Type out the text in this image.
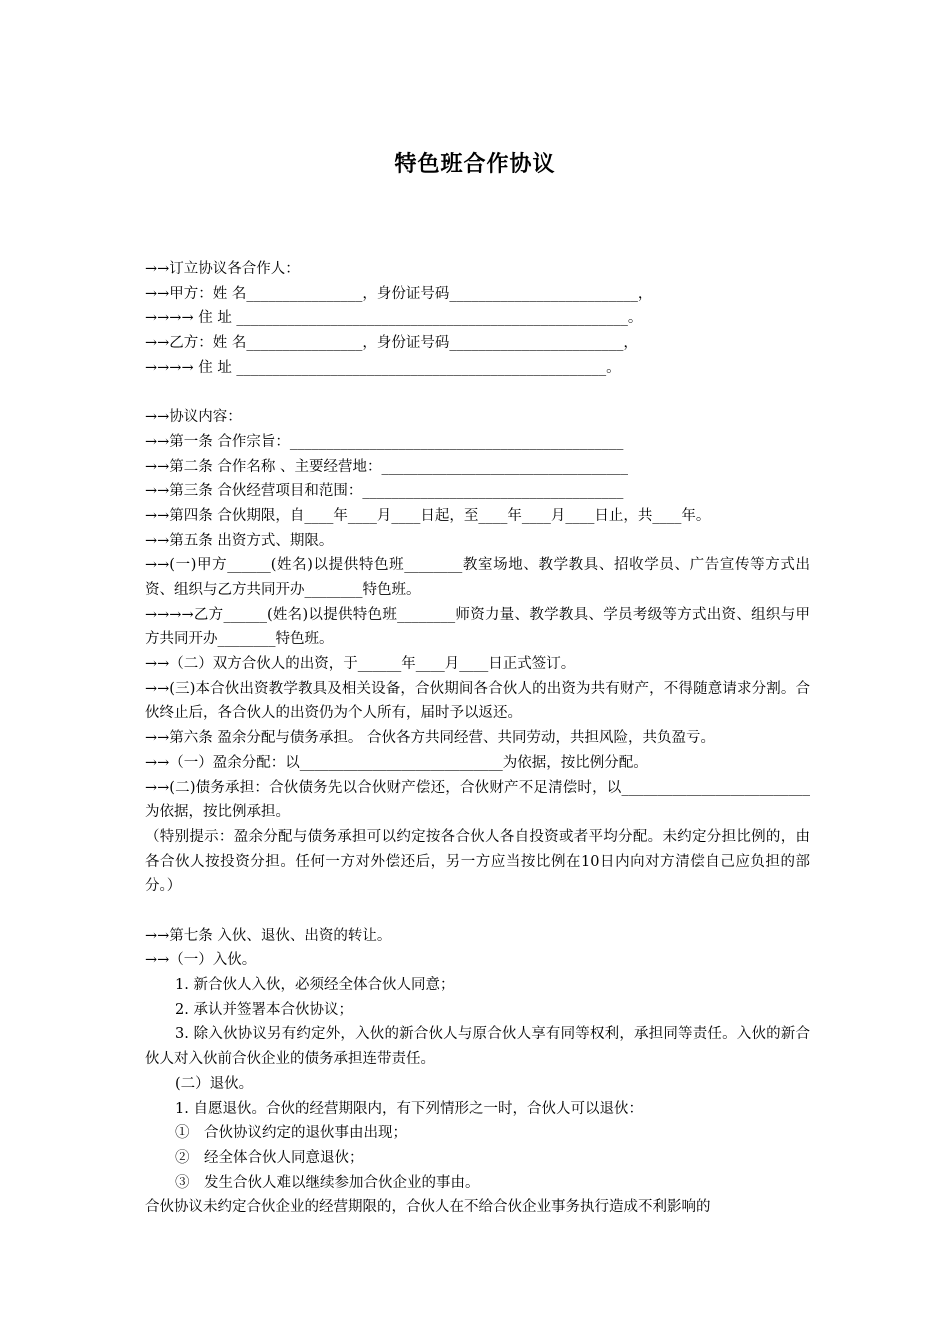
特色班合作协议
→→订立协议各合作人：
→→甲方：姓 名________________，身份证号码__________________________，
→→→→ 住 址 ______________________________________________________。
→→乙方：姓 名________________，身份证号码________________________，
→→→→ 住 址 ___________________________________________________。
→→协议内容：
→→第一条 合作宗旨：______________________________________________
→→第二条 合作名称 、主要经营地：__________________________________
→→第三条 合伙经营项目和范围：____________________________________
→→第四条 合伙期限，自____年____月____日起，至____年____月____日止，共____年。
→→第五条 出资方式、期限。
→→(一)甲方______(姓名)以提供特色班________教室场地、教学教具、招收学员、广告宣传等方式出资、组织与乙方共同开办________特色班。
→→→→乙方______(姓名)以提供特色班________师资力量、教学教具、学员考级等方式出资、组织与甲方共同开办________特色班。
→→（二）双方合伙人的出资，于______年____月____日正式签订。
→→(三)本合伙出资教学教具及相关设备，合伙期间各合伙人的出资为共有财产，不得随意请求分割。合伙终止后，各合伙人的出资仍为个人所有，届时予以返还。
→→第六条 盈余分配与债务承担。 合伙各方共同经营、共同劳动，共担风险，共负盈亏。
→→（一）盈余分配：以____________________________为依据，按比例分配。
→→(二)债务承担：合伙债务先以合伙财产偿还，合伙财产不足清偿时，以__________________________为依据，按比例承担。
（特别提示：盈余分配与债务承担可以约定按各合伙人各自投资或者平均分配。未约定分担比例的，由各合伙人按投资分担。任何一方对外偿还后，另一方应当按比例在10日内向对方清偿自己应负担的部分。）
→→第七条 入伙、退伙、出资的转让。
→→（一）入伙。
1. 新合伙人入伙，必须经全体合伙人同意；
2. 承认并签署本合伙协议；
3. 除入伙协议另有约定外，入伙的新合伙人与原合伙人享有同等权利，承担同等责任。入伙的新合伙人对入伙前合伙企业的债务承担连带责任。
(二）退伙。
1. 自愿退伙。合伙的经营期限内，有下列情形之一时，合伙人可以退伙：
①　合伙协议约定的退伙事由出现；
②　经全体合伙人同意退伙；
③　发生合伙人难以继续参加合伙企业的事由。
合伙协议未约定合伙企业的经营期限的，合伙人在不给合伙企业事务执行造成不利影响的
